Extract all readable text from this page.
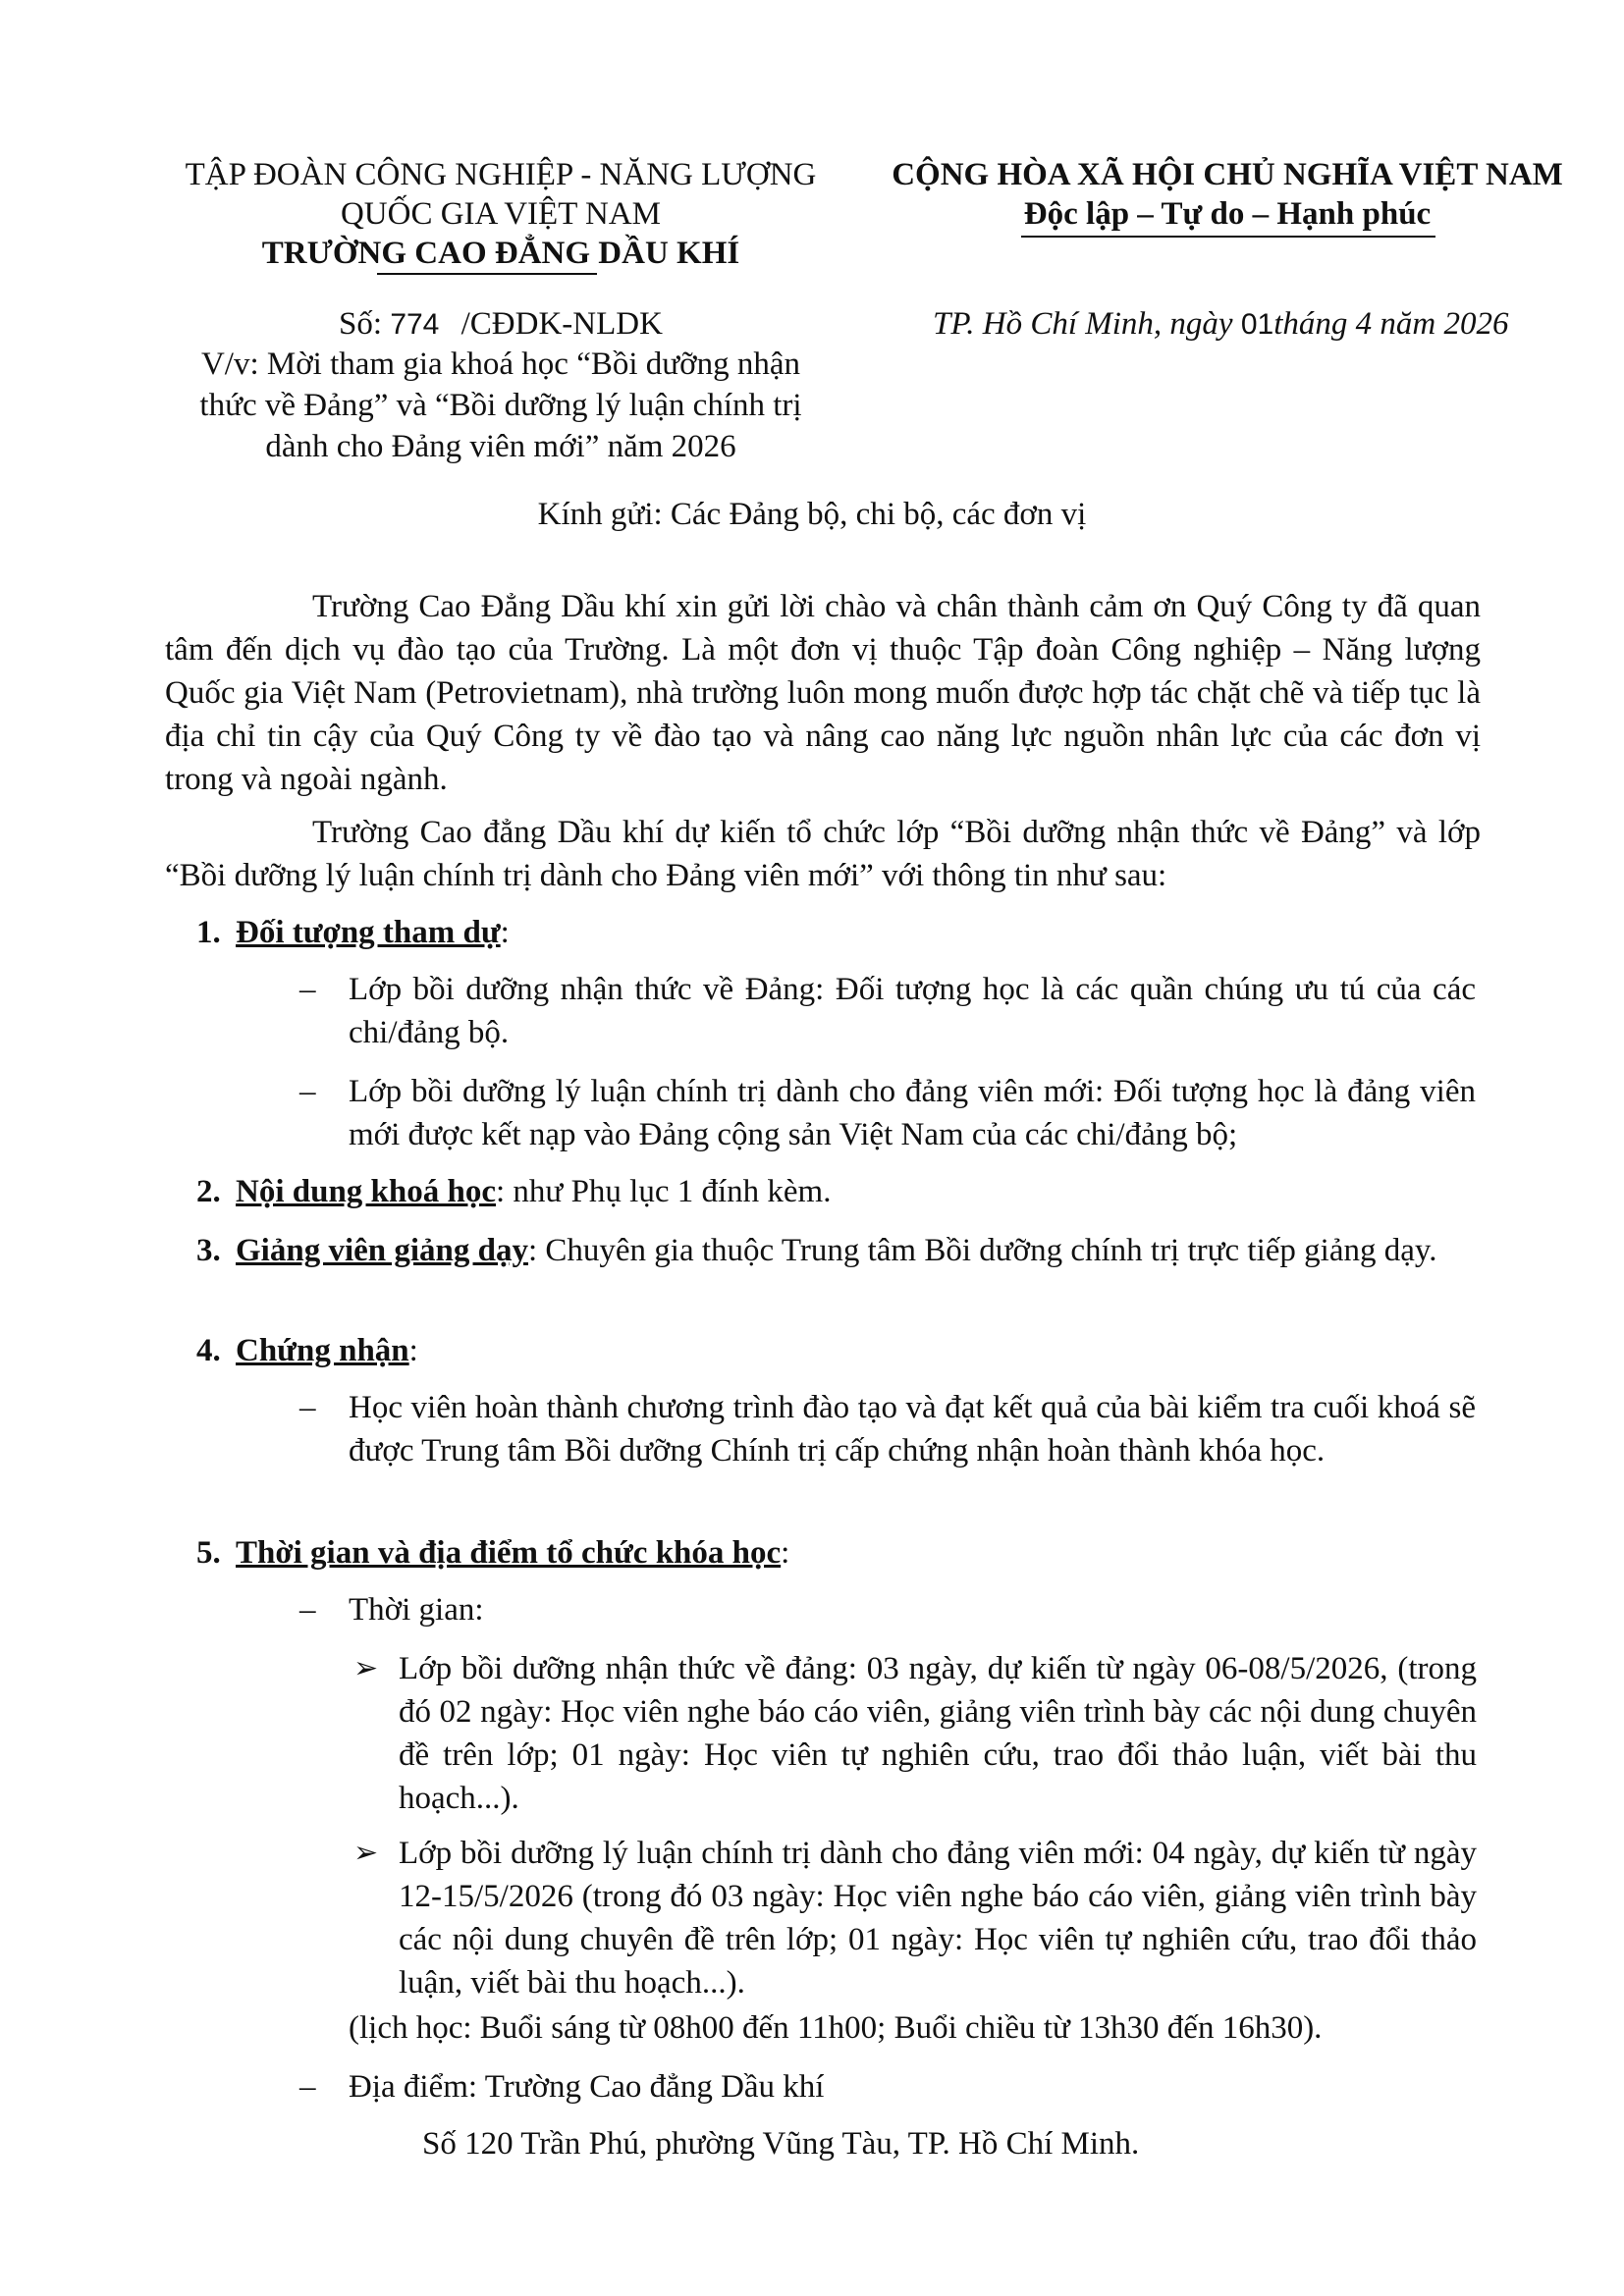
TẬP ĐOÀN CÔNG NGHIỆP - NĂNG LƯỢNG
QUỐC GIA VIỆT NAM
TRƯỜNG CAO ĐẲNG DẦU KHÍ
Số: 774 /CĐDK-NLDK
V/v: Mời tham gia khoá học “Bồi dưỡng nhận
thức về Đảng” và “Bồi dưỡng lý luận chính trị
dành cho Đảng viên mới” năm 2026
CỘNG HÒA XÃ HỘI CHỦ NGHĨA VIỆT NAM
Độc lập – Tự do – Hạnh phúc
TP. Hồ Chí Minh, ngày 01tháng 4 năm 2026
Kính gửi: Các Đảng bộ, chi bộ, các đơn vị
Trường Cao Đẳng Dầu khí xin gửi lời chào và chân thành cảm ơn Quý Công ty đã quan tâm đến dịch vụ đào tạo của Trường. Là một đơn vị thuộc Tập đoàn Công nghiệp – Năng lượng Quốc gia Việt Nam (Petrovietnam), nhà trường luôn mong muốn được hợp tác chặt chẽ và tiếp tục là địa chỉ tin cậy của Quý Công ty về đào tạo và nâng cao năng lực nguồn nhân lực của các đơn vị trong và ngoài ngành.
Trường Cao đẳng Dầu khí dự kiến tổ chức lớp “Bồi dưỡng nhận thức về Đảng” và lớp “Bồi dưỡng lý luận chính trị dành cho Đảng viên mới” với thông tin như sau:
1. Đối tượng tham dự:
– Lớp bồi dưỡng nhận thức về Đảng: Đối tượng học là các quần chúng ưu tú của các chi/đảng bộ.
– Lớp bồi dưỡng lý luận chính trị dành cho đảng viên mới: Đối tượng học là đảng viên mới được kết nạp vào Đảng cộng sản Việt Nam của các chi/đảng bộ;
2. Nội dung khoá học: như Phụ lục 1 đính kèm.
3. Giảng viên giảng dạy: Chuyên gia thuộc Trung tâm Bồi dưỡng chính trị trực tiếp giảng dạy.
4. Chứng nhận:
– Học viên hoàn thành chương trình đào tạo và đạt kết quả của bài kiểm tra cuối khoá sẽ được Trung tâm Bồi dưỡng Chính trị cấp chứng nhận hoàn thành khóa học.
5. Thời gian và địa điểm tổ chức khóa học:
– Thời gian:
➢ Lớp bồi dưỡng nhận thức về đảng: 03 ngày, dự kiến từ ngày 06-08/5/2026, (trong đó 02 ngày: Học viên nghe báo cáo viên, giảng viên trình bày các nội dung chuyên đề trên lớp; 01 ngày: Học viên tự nghiên cứu, trao đổi thảo luận, viết bài thu hoạch...).
➢ Lớp bồi dưỡng lý luận chính trị dành cho đảng viên mới: 04 ngày, dự kiến từ ngày 12-15/5/2026 (trong đó 03 ngày: Học viên nghe báo cáo viên, giảng viên trình bày các nội dung chuyên đề trên lớp; 01 ngày: Học viên tự nghiên cứu, trao đổi thảo luận, viết bài thu hoạch...).
(lịch học: Buổi sáng từ 08h00 đến 11h00; Buổi chiều từ 13h30 đến 16h30).
– Địa điểm: Trường Cao đẳng Dầu khí
Số 120 Trần Phú, phường Vũng Tàu, TP. Hồ Chí Minh.
